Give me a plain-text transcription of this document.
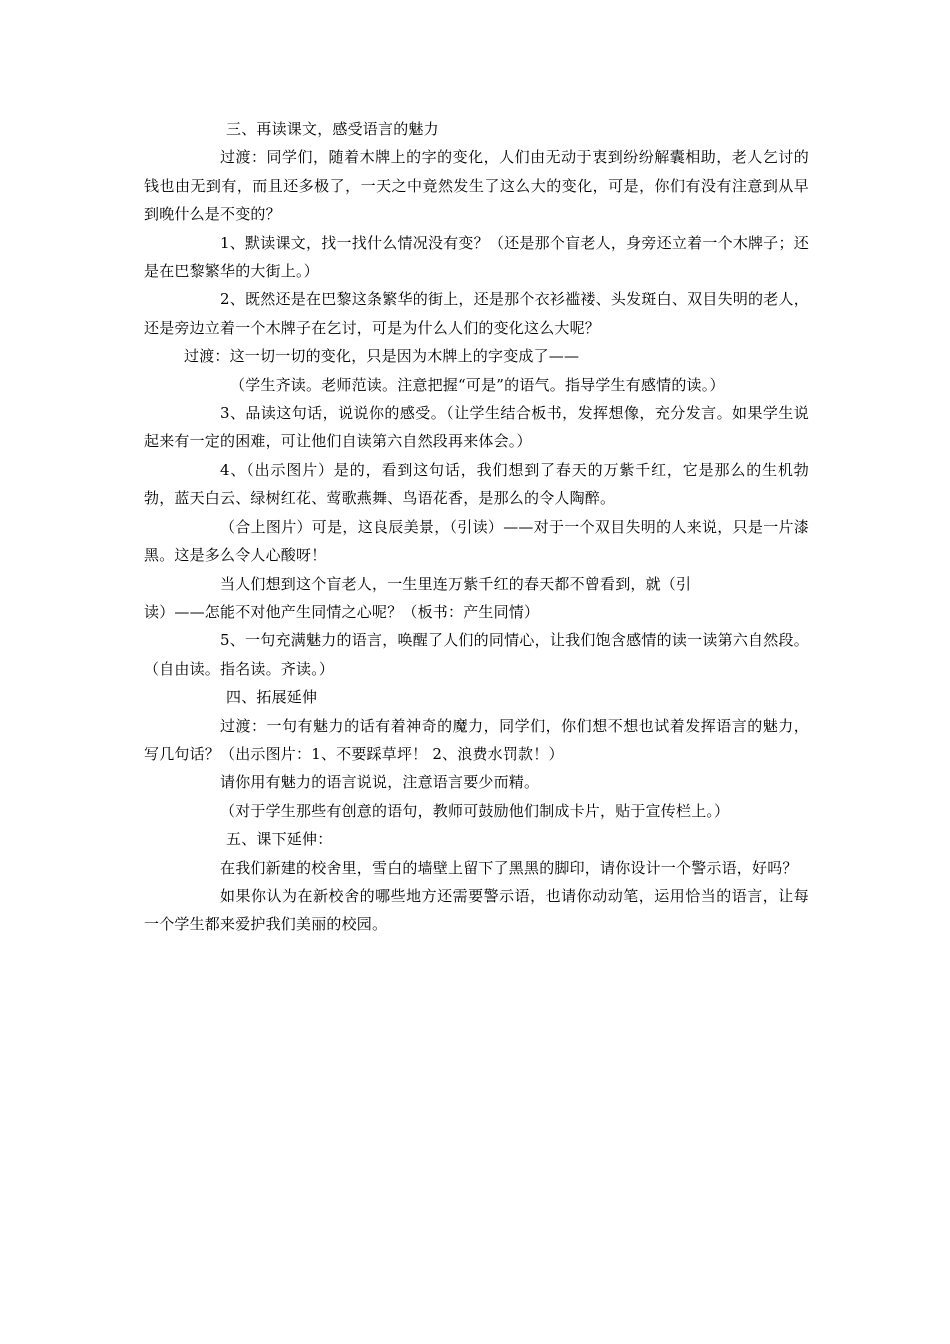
三、再读课文，感受语言的魅力

过渡：同学们，随着木牌上的字的变化，人们由无动于衷到纷纷解囊相助，老人乞讨的钱也由无到有，而且还多极了，一天之中竟然发生了这么大的变化，可是，你们有没有注意到从早到晚什么是不变的？

1、默读课文，找一找什么情况没有变？（还是那个盲老人，身旁还立着一个木牌子；还是在巴黎繁华的大街上。）

2、既然还是在巴黎这条繁华的街上，还是那个衣衫褴褛、头发斑白、双目失明的老人，还是旁边立着一个木牌子在乞讨，可是为什么人们的变化这么大呢？

过渡：这一切一切的变化，只是因为木牌上的字变成了——

（学生齐读。老师范读。注意把握“可是”的语气。指导学生有感情的读。）

3、品读这句话，说说你的感受。（让学生结合板书，发挥想像，充分发言。如果学生说起来有一定的困难，可让他们自读第六自然段再来体会。）

4、（出示图片）是的，看到这句话，我们想到了春天的万紫千红，它是那么的生机勃勃，蓝天白云、绿树红花、莺歌燕舞、鸟语花香，是那么的令人陶醉。

（合上图片）可是，这良辰美景，（引读）——对于一个双目失明的人来说，只是一片漆黑。这是多么令人心酸呀！

当人们想到这个盲老人，一生里连万紫千红的春天都不曾看到，就（引

读）——怎能不对他产生同情之心呢？（板书：产生同情）

5、一句充满魅力的语言，唤醒了人们的同情心，让我们饱含感情的读一读第六自然段。（自由读。指名读。齐读。）

四、拓展延伸

过渡：一句有魅力的话有着神奇的魔力，同学们，你们想不想也试着发挥语言的魅力，写几句话？（出示图片：1、不要踩草坪！ 2、浪费水罚款！）

请你用有魅力的语言说说，注意语言要少而精。

（对于学生那些有创意的语句，教师可鼓励他们制成卡片，贴于宣传栏上。）

五、课下延伸：

在我们新建的校舍里，雪白的墙壁上留下了黑黑的脚印，请你设计一个警示语，好吗？

如果你认为在新校舍的哪些地方还需要警示语，也请你动动笔，运用恰当的语言，让每一个学生都来爱护我们美丽的校园。
